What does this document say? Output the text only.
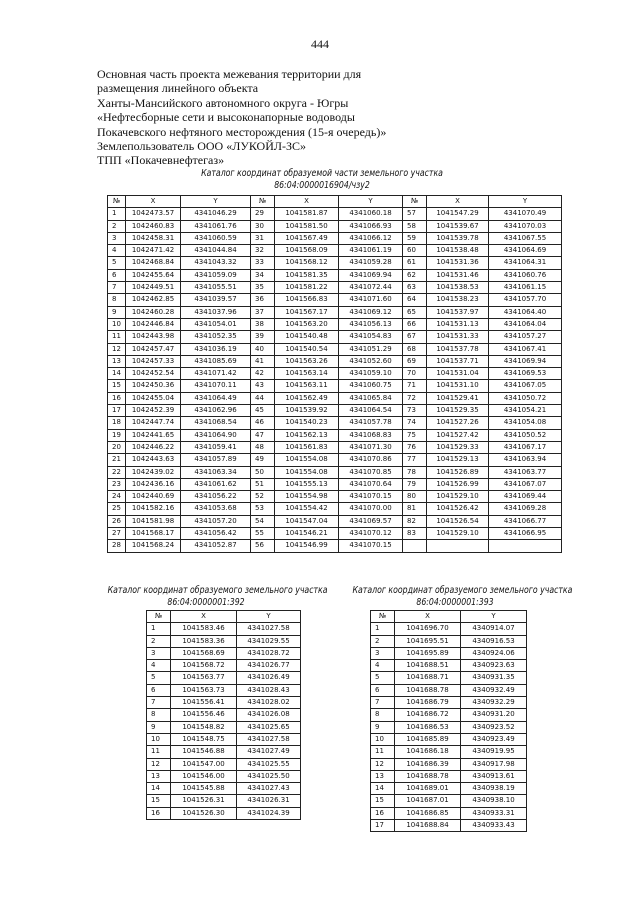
444
Основная часть проекта межевания территории для
размещения линейного объекта
Ханты-Мансийского автономного округа - Югры
«Нефтесборные сети и высоконапорные водоводы
Покачевского нефтяного месторождения (15-я очередь)»
Землепользователь ООО «ЛУКОЙЛ-ЗС»
ТПП «Покачевнефтегаз»
Каталог координат образуемой части земельного участка
86:04:0000016904/чзу2
№	X	Y	№	X	Y	№	X	Y
1	1042473.57	4341046.29	29	1041581.87	4341060.18	57	1041547.29	4341070.49
2	1042460.83	4341061.76	30	1041581.50	4341066.93	58	1041539.67	4341070.03
3	1042458.31	4341060.59	31	1041567.49	4341066.12	59	1041539.78	4341067.55
4	1042471.42	4341044.84	32	1041568.09	4341061.19	60	1041538.48	4341064.69
5	1042468.84	4341043.32	33	1041568.12	4341059.28	61	1041531.36	4341064.31
6	1042455.64	4341059.09	34	1041581.35	4341069.94	62	1041531.46	4341060.76
7	1042449.51	4341055.51	35	1041581.22	4341072.44	63	1041538.53	4341061.15
8	1042462.85	4341039.57	36	1041566.83	4341071.60	64	1041538.23	4341057.70
9	1042460.28	4341037.96	37	1041567.17	4341069.12	65	1041537.97	4341064.40
10	1042446.84	4341054.01	38	1041563.20	4341056.13	66	1041531.13	4341064.04
11	1042443.98	4341052.35	39	1041540.48	4341054.83	67	1041531.33	4341057.27
12	1042457.47	4341036.19	40	1041540.54	4341051.29	68	1041537.78	4341067.41
13	1042457.33	4341085.69	41	1041563.26	4341052.60	69	1041537.71	4341069.94
14	1042452.54	4341071.42	42	1041563.14	4341059.10	70	1041531.04	4341069.53
15	1042450.36	4341070.11	43	1041563.11	4341060.75	71	1041531.10	4341067.05
16	1042455.04	4341064.49	44	1041562.49	4341065.84	72	1041529.41	4341050.72
17	1042452.39	4341062.96	45	1041539.92	4341064.54	73	1041529.35	4341054.21
18	1042447.74	4341068.54	46	1041540.23	4341057.78	74	1041527.26	4341054.08
19	1042441.65	4341064.90	47	1041562.13	4341068.83	75	1041527.42	4341050.52
20	1042446.22	4341059.41	48	1041561.83	4341071.30	76	1041529.33	4341067.17
21	1042443.63	4341057.89	49	1041554.08	4341070.86	77	1041529.13	4341063.94
22	1042439.02	4341063.34	50	1041554.08	4341070.85	78	1041526.89	4341063.77
23	1042436.16	4341061.62	51	1041555.13	4341070.64	79	1041526.99	4341067.07
24	1042440.69	4341056.22	52	1041554.98	4341070.15	80	1041529.10	4341069.44
25	1041582.16	4341053.68	53	1041554.42	4341070.00	81	1041526.42	4341069.28
26	1041581.98	4341057.20	54	1041547.04	4341069.57	82	1041526.54	4341066.77
27	1041568.17	4341056.42	55	1041546.21	4341070.12	83	1041529.10	4341066.95
28	1041568.24	4341052.87	56	1041546.99	4341070.15			
Каталог координат образуемого земельного участка
86:04:0000001:392
№	X	Y
1	1041583.46	4341027.58
2	1041583.36	4341029.55
3	1041568.69	4341028.72
4	1041568.72	4341026.77
5	1041563.77	4341026.49
6	1041563.73	4341028.43
7	1041556.41	4341028.02
8	1041556.46	4341026.08
9	1041548.82	4341025.65
10	1041548.75	4341027.58
11	1041546.88	4341027.49
12	1041547.00	4341025.55
13	1041546.00	4341025.50
14	1041545.88	4341027.43
15	1041526.31	4341026.31
16	1041526.30	4341024.39
Каталог координат образуемого земельного участка
86:04:0000001:393
№	X	Y
1	1041696.70	4340914.07
2	1041695.51	4340916.53
3	1041695.89	4340924.06
4	1041688.51	4340923.63
5	1041688.71	4340931.35
6	1041688.78	4340932.49
7	1041686.79	4340932.29
8	1041686.72	4340931.20
9	1041686.53	4340923.52
10	1041685.89	4340923.49
11	1041686.18	4340919.95
12	1041686.39	4340917.98
13	1041688.78	4340913.61
14	1041689.01	4340938.19
15	1041687.01	4340938.10
16	1041686.85	4340933.31
17	1041688.84	4340933.43
